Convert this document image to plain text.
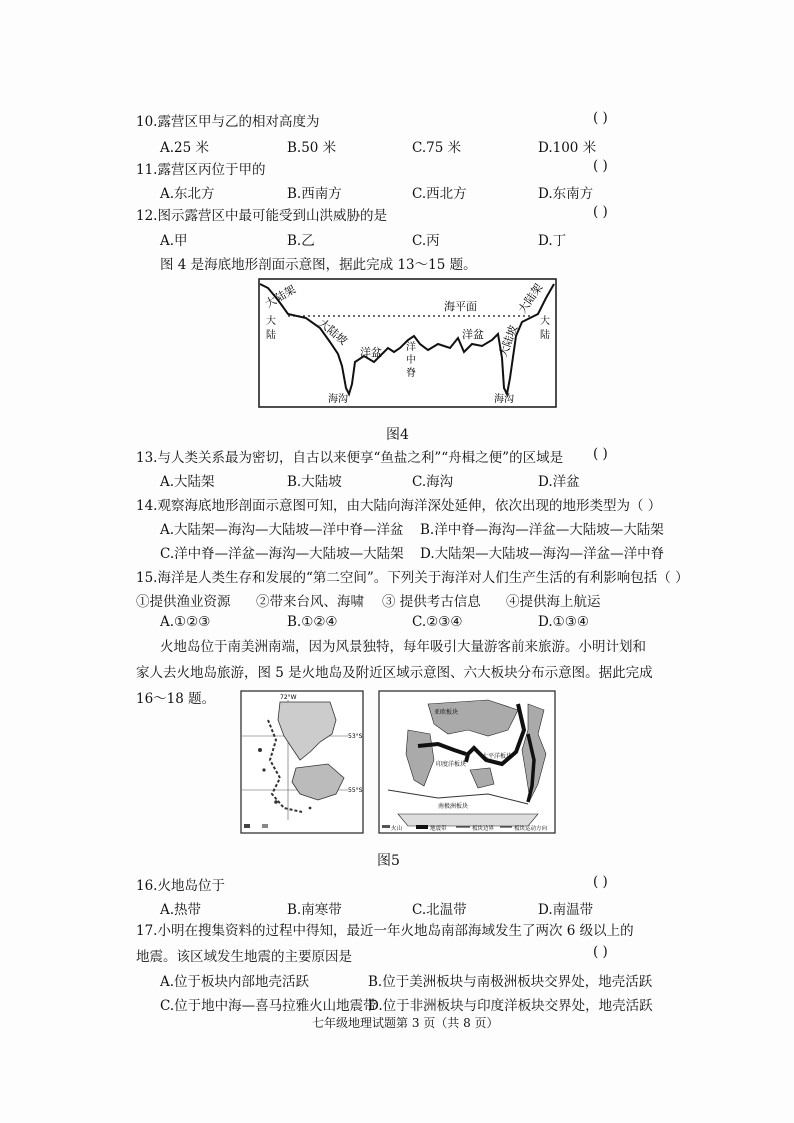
10.露营区甲与乙的相对高度为	( )
A.25 米	B.50 米	C.75 米	D.100 米
11.露营区丙位于甲的	( )
A.东北方	B.西南方	C.西北方	D.东南方
12.图示露营区中最可能受到山洪威胁的是	( )
A.甲	B.乙	C.丙	D.丁
图 4 是海底地形剖面示意图，据此完成 13～15 题。
大陆架	大陆架
大
陆
大
陆
海平面
大陆坡	大陆坡
洋盆
洋盆
洋
中
脊
海沟	海沟
图4
13.与人类关系最为密切，自古以来便享“鱼盐之利”“舟楫之便”的区域是 ( )
A.大陆架	B.大陆坡	C.海沟	D.洋盆
14.观察海底地形剖面示意图可知，由大陆向海洋深处延伸，依次出现的地形类型为（ ）
A.大陆架—海沟—大陆坡—洋中脊—洋盆 B.洋中脊—海沟—洋盆—大陆坡—大陆架
C.洋中脊—洋盆—海沟—大陆坡—大陆架 D.大陆架—大陆坡—海沟—洋盆—洋中脊
15.海洋是人类生存和发展的“第二空间”。下列关于海洋对人们生产生活的有利影响包括（ ）
①提供渔业资源 ②带来台风、海啸 ③ 提供考古信息 ④提供海上航运
A.①②③	B.①②④	C.②③④	D.①③④
火地岛位于南美洲南端，因为风景独特，每年吸引大量游客前来旅游。小明计划和家人去火地岛旅游，图 5 是火地岛及附近区域示意图、六大板块分布示意图。据此完成 16～18 题。	72°W
53°S
55°S
亚欧板块
太平洋板块
印度洋板块
南极洲板块
火山	地震带	板块边界	板块运动方向
图5
16.火地岛位于	( )
A.热带	B.南寒带	C.北温带	D.南温带
17.小明在搜集资料的过程中得知，最近一年火地岛南部海域发生了两次 6 级以上的地震。该区域发生地震的主要原因是	( )
A.位于板块内部地壳活跃	B.位于美洲板块与南极洲板块交界处，地壳活跃
C.位于地中海—喜马拉雅火山地震带
D.位于非洲板块与印度洋板块交界处，地壳活跃
七年级地理试题第 3 页（共 8 页）
